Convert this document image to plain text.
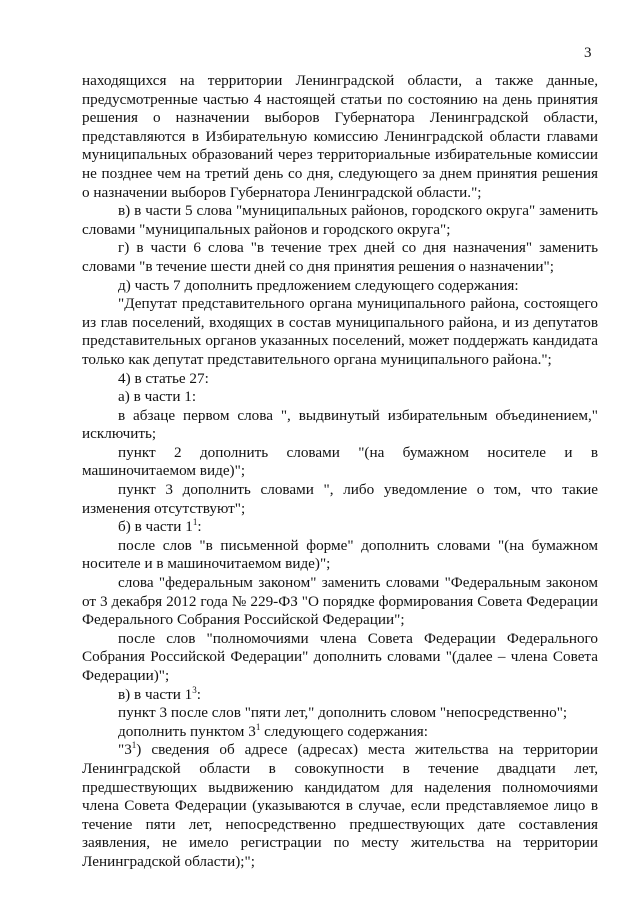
3

находящихся на территории Ленинградской области, а также данные, предусмотренные частью 4 настоящей статьи по состоянию на день принятия решения о назначении выборов Губернатора Ленинградской области, представляются в Избирательную комиссию Ленинградской области главами муниципальных образований через территориальные избирательные комиссии не позднее чем на третий день со дня, следующего за днем принятия решения о назначении выборов Губернатора Ленинградской области.";

в) в части 5 слова "муниципальных районов, городского округа" заменить словами "муниципальных районов и городского округа";

г) в части 6 слова "в течение трех дней со дня назначения" заменить словами "в течение шести дней со дня принятия решения о назначении";

д) часть 7 дополнить предложением следующего содержания:

"Депутат представительного органа муниципального района, состоящего из глав поселений, входящих в состав муниципального района, и из депутатов представительных органов указанных поселений, может поддержать кандидата только как депутат представительного органа муниципального района.";

4) в статье 27:

а) в части 1:

в абзаце первом слова ", выдвинутый избирательным объединением," исключить;

пункт 2 дополнить словами "(на бумажном носителе и в машиночитаемом виде)";

пункт 3 дополнить словами ", либо уведомление о том, что такие изменения отсутствуют";

б) в части $1^1$:

после слов "в письменной форме" дополнить словами "(на бумажном носителе и в машиночитаемом виде)";

слова "федеральным законом" заменить словами "Федеральным законом от 3 декабря 2012 года № 229-ФЗ "О порядке формирования Совета Федерации Федерального Собрания Российской Федерации";

после слов "полномочиями члена Совета Федерации Федерального Собрания Российской Федерации" дополнить словами "(далее – члена Совета Федерации)";

в) в части $1^3$:

пункт 3 после слов "пяти лет," дополнить словом "непосредственно";

дополнить пунктом $3^1$ следующего содержания:

"$3^1$) сведения об адресе (адресах) места жительства на территории Ленинградской области в совокупности в течение двадцати лет, предшествующих выдвижению кандидатом для наделения полномочиями члена Совета Федерации (указываются в случае, если представляемое лицо в течение пяти лет, непосредственно предшествующих дате составления заявления, не имело регистрации по месту жительства на территории Ленинградской области);";
